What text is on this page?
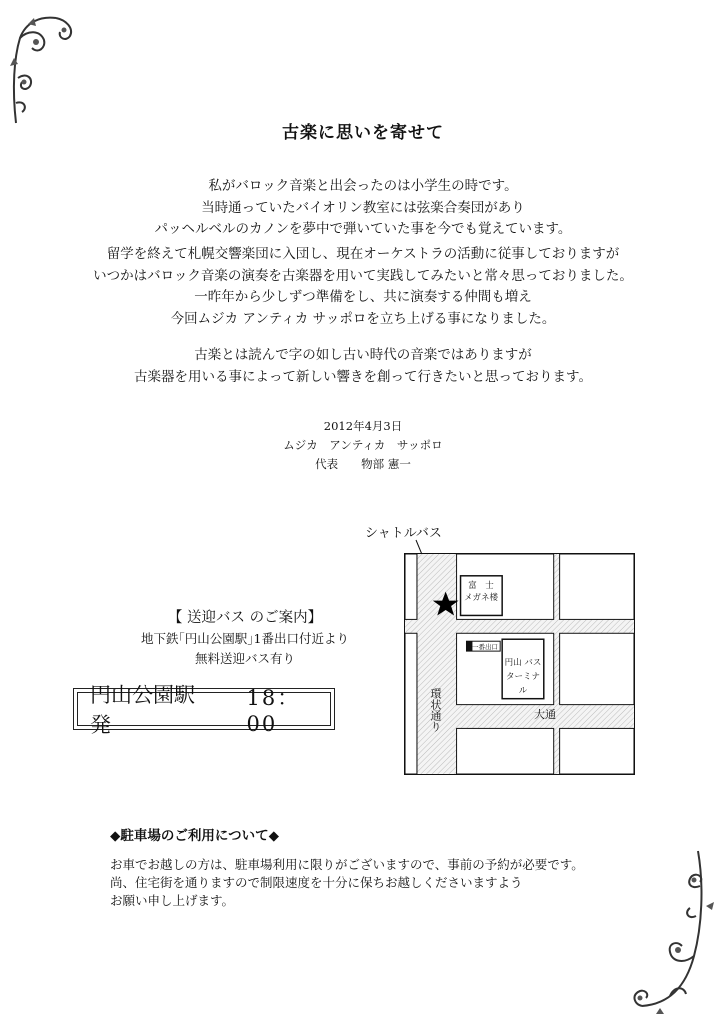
古楽に思いを寄せて
私がバロック音楽と出会ったのは小学生の時です。
当時通っていたバイオリン教室には弦楽合奏団があり
パッヘルベルのカノンを夢中で弾いていた事を今でも覚えています。
留学を終えて札幌交響楽団に入団し、現在オーケストラの活動に従事しておりますが
いつかはバロック音楽の演奏を古楽器を用いて実践してみたいと常々思っておりました。
一昨年から少しずつ準備をし、共に演奏する仲間も増え
今回ムジカ アンティカ サッポロを立ち上げる事になりました。
古楽とは読んで字の如し古い時代の音楽ではありますが
古楽器を用いる事によって新しい響きを創って行きたいと思っております。
2012年4月3日
ムジカ　アンティカ　サッポロ
代表　　物部 憲一
【 送迎バス のご案内】
地下鉄｢円山公園駅｣1番出口付近より
無料送迎バス有り
円山公園駅発
18：00
シャトルバス
富　士
メガネ楼
一番出口
円山 バス
ターミナル
環状通り	大通
◆駐車場のご利用について◆
お車でお越しの方は、駐車場利用に限りがございますので、事前の予約が必要です。
尚、住宅街を通りますので制限速度を十分に保ちお越しくださいますよう
お願い申し上げます。
